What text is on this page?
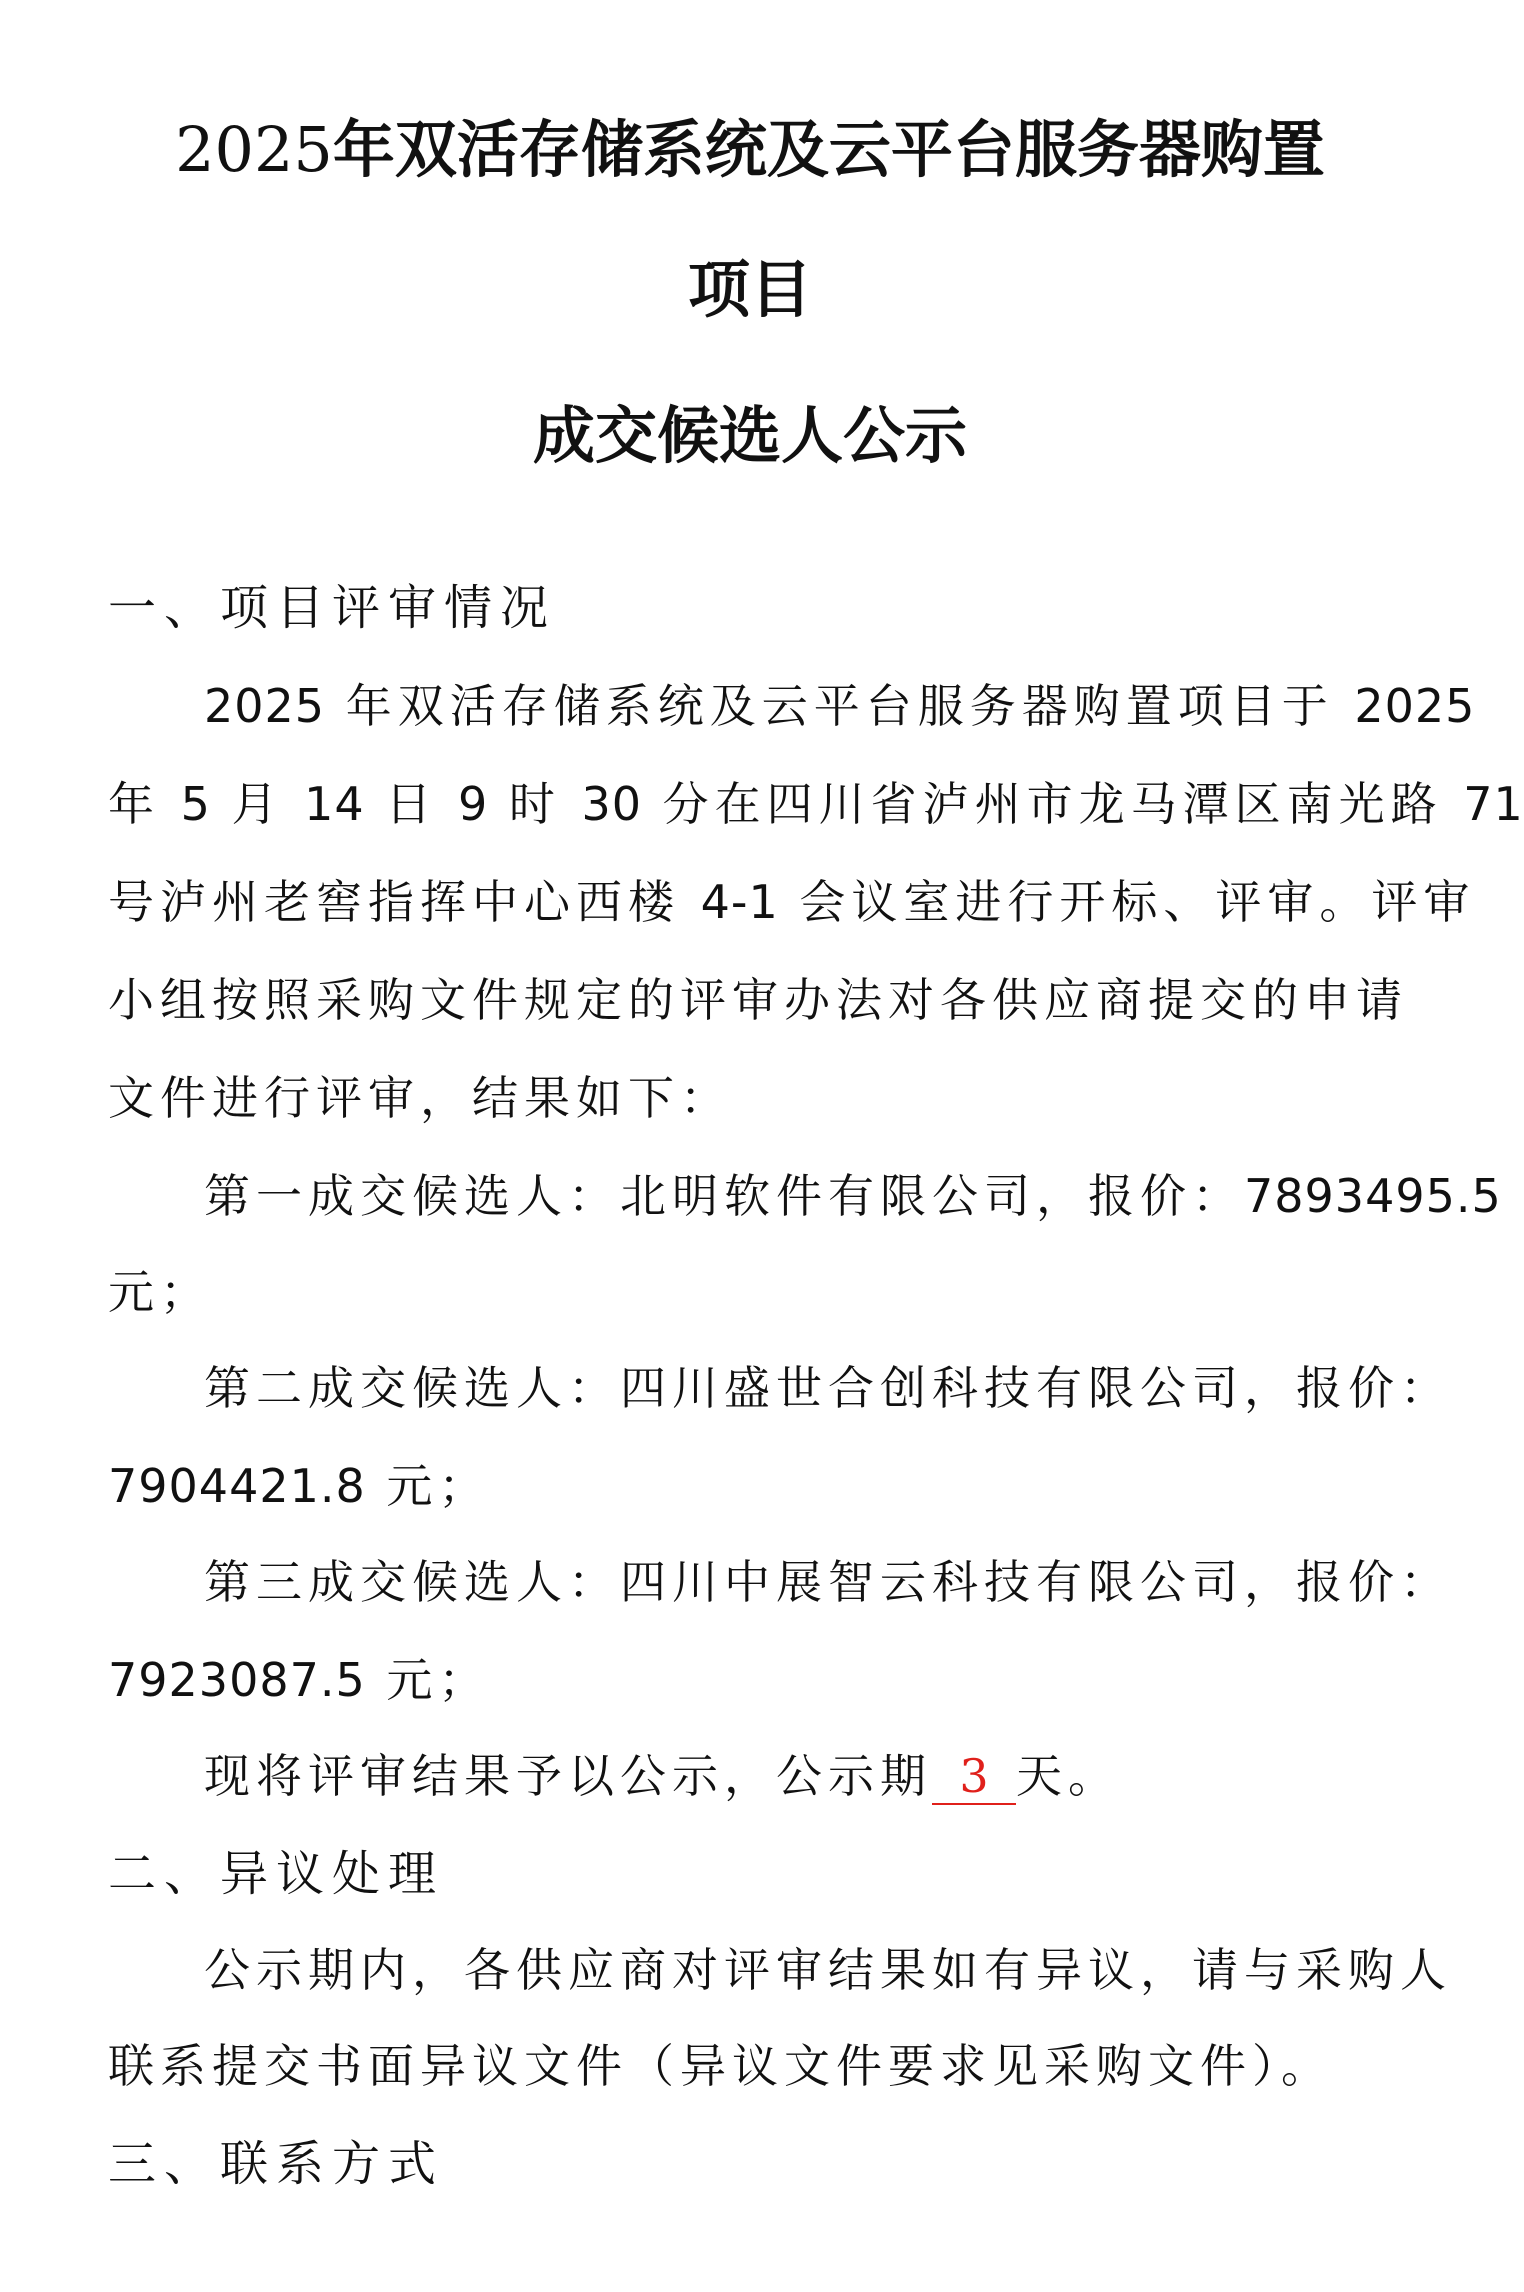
2025年双活存储系统及云平台服务器购置
项目
成交候选人公示
一、项目评审情况
2025 年双活存储系统及云平台服务器购置项目于 2025
年 5 月 14 日 9 时 30 分在四川省泸州市龙马潭区南光路 71
号泸州老窖指挥中心西楼 4-1 会议室进行开标、评审。评审
小组按照采购文件规定的评审办法对各供应商提交的申请
文件进行评审，结果如下：
第一成交候选人：北明软件有限公司，报价：7893495.5
元；
第二成交候选人：四川盛世合创科技有限公司，报价：
7904421.8 元；
第三成交候选人：四川中展智云科技有限公司，报价：
7923087.5 元；
现将评审结果予以公示，公示期 3 天。
二、异议处理
公示期内，各供应商对评审结果如有异议，请与采购人
联系提交书面异议文件（异议文件要求见采购文件）。
三、联系方式
